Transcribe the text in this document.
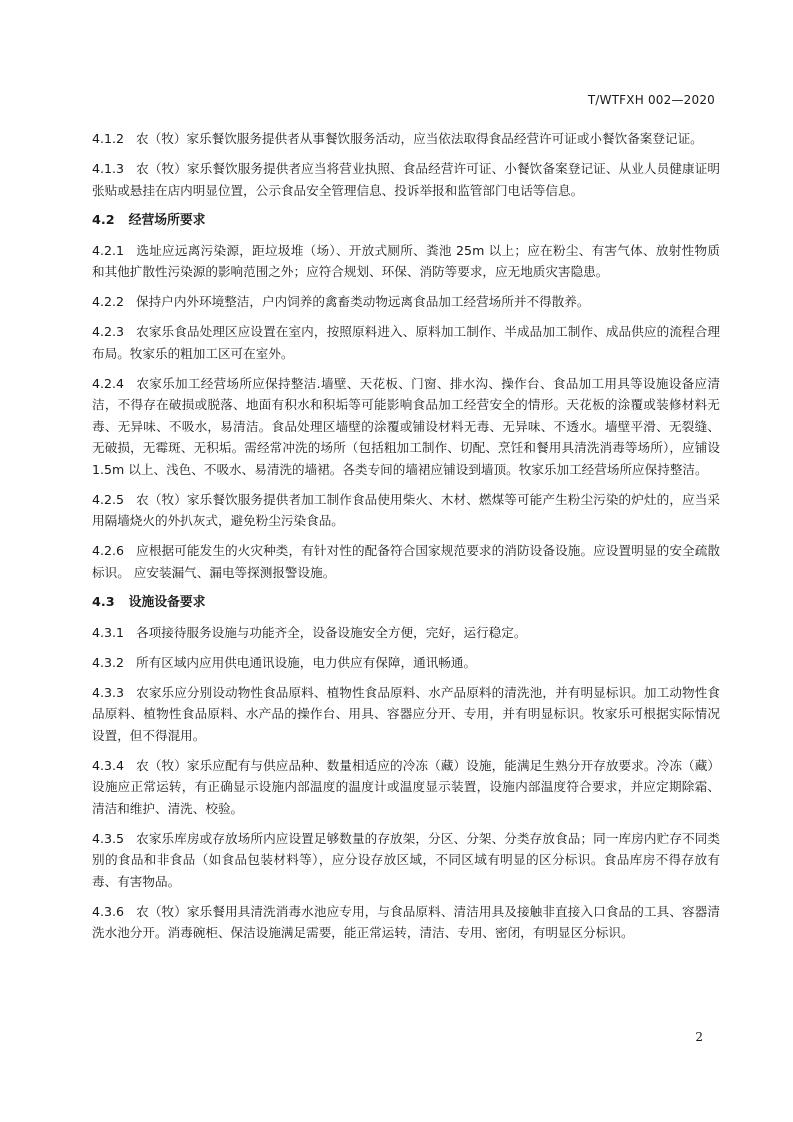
T/WTFXH 002—2020

4.1.2 农（牧）家乐餐饮服务提供者从事餐饮服务活动，应当依法取得食品经营许可证或小餐饮备案登记证。

4.1.3 农（牧）家乐餐饮服务提供者应当将营业执照、食品经营许可证、小餐饮备案登记证、从业人员健康证明张贴或悬挂在店内明显位置，公示食品安全管理信息、投诉举报和监管部门电话等信息。

4.2 经营场所要求

4.2.1 选址应远离污染源，距垃圾堆（场）、开放式厕所、粪池 25m 以上；应在粉尘、有害气体、放射性物质和其他扩散性污染源的影响范围之外；应符合规划、环保、消防等要求，应无地质灾害隐患。

4.2.2 保持户内外环境整洁，户内饲养的禽畜类动物远离食品加工经营场所并不得散养。

4.2.3 农家乐食品处理区应设置在室内，按照原料进入、原料加工制作、半成品加工制作、成品供应的流程合理布局。牧家乐的粗加工区可在室外。

4.2.4 农家乐加工经营场所应保持整洁.墙壁、天花板、门窗、排水沟、操作台、食品加工用具等设施设备应清洁，不得存在破损或脱落、地面有积水和积垢等可能影响食品加工经营安全的情形。天花板的涂覆或装修材料无毒、无异味、不吸水，易清洁。食品处理区墙壁的涂覆或铺设材料无毒、无异味、不透水。墙壁平滑、无裂缝、无破损，无霉斑、无积垢。需经常冲洗的场所（包括粗加工制作、切配、烹饪和餐用具清洗消毒等场所），应铺设 1.5m 以上、浅色、不吸水、易清洗的墙裙。各类专间的墙裙应铺设到墙顶。牧家乐加工经营场所应保持整洁。

4.2.5 农（牧）家乐餐饮服务提供者加工制作食品使用柴火、木材、燃煤等可能产生粉尘污染的炉灶的，应当采用隔墙烧火的外扒灰式，避免粉尘污染食品。

4.2.6 应根据可能发生的火灾种类，有针对性的配备符合国家规范要求的消防设备设施。应设置明显的安全疏散标识。 应安装漏气、漏电等探测报警设施。

4.3 设施设备要求

4.3.1 各项接待服务设施与功能齐全，设备设施安全方便，完好，运行稳定。

4.3.2 所有区域内应用供电通讯设施，电力供应有保障，通讯畅通。

4.3.3 农家乐应分别设动物性食品原料、植物性食品原料、水产品原料的清洗池，并有明显标识。加工动物性食品原料、植物性食品原料、水产品的操作台、用具、容器应分开、专用，并有明显标识。牧家乐可根据实际情况设置，但不得混用。

4.3.4 农（牧）家乐应配有与供应品种、数量相适应的冷冻（藏）设施，能满足生熟分开存放要求。冷冻（藏）设施应正常运转，有正确显示设施内部温度的温度计或温度显示装置，设施内部温度符合要求，并应定期除霜、清洁和维护、清洗、校验。

4.3.5 农家乐库房或存放场所内应设置足够数量的存放架，分区、分架、分类存放食品；同一库房内贮存不同类别的食品和非食品（如食品包装材料等），应分设存放区域，不同区域有明显的区分标识。食品库房不得存放有毒、有害物品。

4.3.6 农（牧）家乐餐用具清洗消毒水池应专用，与食品原料、清洁用具及接触非直接入口食品的工具、容器清洗水池分开。消毒碗柜、保洁设施满足需要，能正常运转，清洁、专用、密闭，有明显区分标识。

2
